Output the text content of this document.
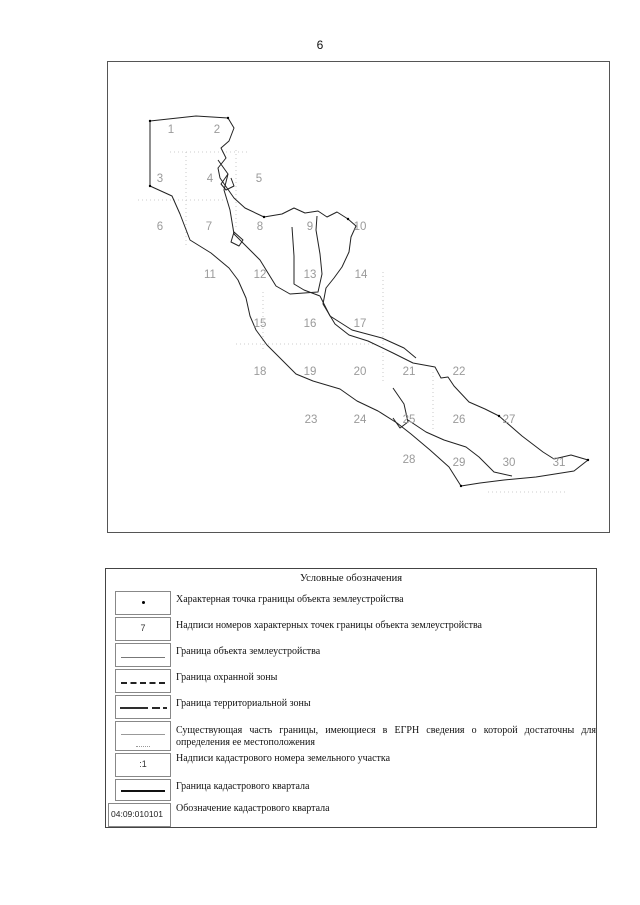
6
1	2
3	4	5
6	7	8	9	10
11	12	13	14
15	16	17
18	19	20	21	22
23	24	25	26	27
28	29	30	31
Условные обозначения
Характерная точка границы объекта землеустройства
7	Надписи номеров характерных точек границы объекта землеустройства
Граница объекта землеустройства
Граница охранной зоны
Граница территориальной зоны
Существующая часть границы, имеющиеся в ЕГРН сведения о которой достаточны для определения ее местоположения
:1	Надписи кадастрового номера земельного участка
Граница кадастрового квартала
04:09:010101 Обозначение кадастрового квартала
